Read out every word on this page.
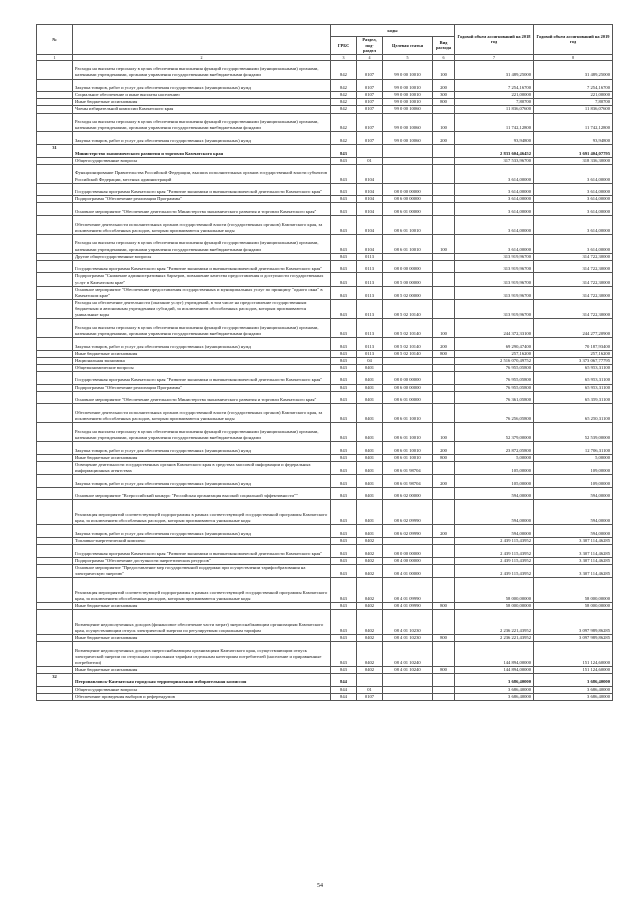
№		коды				Годовой объем ассигнований на 2018 год	Годовой объем ассигнований на 2019 год
		ГРБС	Раздел, под-раздел	Целевая статья	Вид расхода		
1	2	3	4	5	6	7	8
	Расходы на выплаты персоналу в целях обеспечения выполнения функций государственными (муниципальными) органами, казенными учреждениями, органами управления государственными внебюджетными фондами	842	0107	99 0 00 10010	100	31 489,25000	31 489,25000
	Закупка товаров, работ и услуг для обеспечения государственных (муниципальных) нужд	842	0107	99 0 00 10010	200	7 254,16700	7 254,16700
	Социальное обеспечение и иные выплаты населению	842	0107	99 0 00 10010	300	221,00000	221,00000
	Иные бюджетные ассигнования	842	0107	99 0 00 10010	800	7,80700	7,80700
	Члены избирательной комиссии Камчатского края	842	0107	99 0 00 10060		11 836,07600	11 836,07600
	Расходы на выплаты персоналу в целях обеспечения выполнения функций государственными (муниципальными) органами, казенными учреждениями, органами управления государственными внебюджетными фондами	842	0107	99 0 00 10060	100	11 742,12800	11 742,12800
	Закупка товаров, работ и услуг для обеспечения государственных (муниципальных) нужд	842	0107	99 0 00 10060	200	93,94800	93,94800
31	Министерство экономического развития и торговли Камчатского края	843				2 833 604,46452	3 691 404,07795
	Общегосударственные вопросы	843	01			317 533,96700	318 336,30000
	Функционирование Правительства Российской Федерации, высших исполнительных органов государственной власти субъектов Российской Федерации, местных администраций	843	0104			3 614,00000	3 614,00000
	Государственная программа Камчатского края "Развитие экономики и внешнеэкономической деятельности Камчатского края"	843	0104	08 0 00 00000		3 614,00000	3 614,00000
	Подпрограмма "Обеспечение реализации Программы"	843	0104	08 6 00 00000		3 614,00000	3 614,00000
	Основное мероприятие "Обеспечение деятельности Министерства экономического развития и торговли Камчатского края"	843	0104	08 6 01 00000		3 614,00000	3 614,00000
	Обеспечение деятельности исполнительных органов государственной власти (государственных органов) Камчатского края, за исключением обособленных расходов, которым присваиваются уникальные коды	843	0104	08 6 01 10010		3 614,00000	3 614,00000
	Расходы на выплаты персоналу в целях обеспечения выполнения функций государственными (муниципальными) органами, казенными учреждениями, органами управления государственными внебюджетными фондами	843	0104	08 6 01 10010	100	3 614,00000	3 614,00000
	Другие общегосударственные вопросы	843	0113			313 919,96700	314 722,30000
	Государственная программа Камчатского края "Развитие экономики и внешнеэкономической деятельности Камчатского края"	843	0113	08 0 00 00000		313 919,96700	314 722,30000
	Подпрограмма "Снижение административных барьеров, повышение качества предоставления и доступности государственных услуг в Камчатском крае"	843	0113	08 5 00 00000		313 919,96700	314 722,30000
	Основное мероприятие "Обеспечение предоставления государственных и муниципальных услуг по принципу "одного окна" в Камчатском крае"	843	0113	08 5 02 00000		313 919,96700	314 722,30000
	Расходы на обеспечение деятельности (оказание услуг) учреждений, в том числе на предоставление государственным бюджетным и автономным учреждениям субсидий, за исключением обособленных расходов, которым присваиваются уникальные коды	843	0113	08 5 02 10140		313 919,96700	314 722,30000
	Расходы на выплаты персоналу в целях обеспечения выполнения функций государственными (муниципальными) органами, казенными учреждениями, органами управления государственными внебюджетными фондами	843	0113	08 5 02 10140	100	244 372,33100	244 277,20900
	Закупка товаров, работ и услуг для обеспечения государственных (муниципальных) нужд	843	0113	08 5 02 10140	200	69 290,47400	70 187,93400
	Иные бюджетные ассигнования	843	0113	08 5 02 10140	800	257,16200	257,16200
	Национальная экономика	843	04			2 516 070,49752	3 373 067,77795
	Общеэкономические вопросы	843	0401			76 955,05800	65 953,31100
	Государственная программа Камчатского края "Развитие экономики и внешнеэкономической деятельности Камчатского края"	843	0401	08 0 00 00000		76 955,05800	65 953,31100
	Подпрограмма "Обеспечение реализации Программы"	843	0401	08 6 00 00000		76 955,05800	65 953,31100
	Основное мероприятие "Обеспечение деятельности Министерства экономического развития и торговли Камчатского края"	843	0401	08 6 01 00000		76 361,05800	65 359,31100
	Обеспечение деятельности исполнительных органов государственной власти (государственных органов) Камчатского края, за исключением обособленных расходов, которым присваиваются уникальные коды	843	0401	08 6 01 10010		76 256,05800	65 250,31100
	Расходы на выплаты персоналу в целях обеспечения выполнения функций государственными (муниципальными) органами, казенными учреждениями, органами управления государственными внебюджетными фондами	843	0401	08 6 01 10010	100	52 379,00000	52 539,00000
	Закупка товаров, работ и услуг для обеспечения государственных (муниципальных) нужд	843	0401	08 6 01 10010	200	23 872,05800	12 706,31100
	Иные бюджетные ассигнования	843	0401	08 6 01 10010	800	5,00000	5,00000
	Освещение деятельности государственных органов Камчатского края в средствах массовой информации и федеральных информационных агентствах	843	0401	08 6 01 98704		105,00000	109,00000
	Закупка товаров, работ и услуг для обеспечения государственных (муниципальных) нужд	843	0401	08 6 01 98704	200	105,00000	109,00000
	Основное мероприятие "Всероссийский конкурс "Российская организация высокой социальной эффективности""	843	0401	08 6 02 00000		594,00000	594,00000
	Реализация мероприятий соответствующей подпрограммы в рамках соответствующей государственной программы Камчатского края, за исключением обособленных расходов, которым присваиваются уникальные коды	843	0401	08 6 02 09990		594,00000	594,00000
	Закупка товаров, работ и услуг для обеспечения государственных (муниципальных) нужд	843	0401	08 6 02 09990	200	594,00000	594,00000
	Топливно-энергетический комплекс	843	0402			2 439 115,43952	3 307 114,46285
	Государственная программа Камчатского края "Развитие экономики и внешнеэкономической деятельности Камчатского края"	843	0402	08 0 00 00000		2 439 115,43952	3 307 114,46285
	Подпрограмма "Обеспечение доступности энергетических ресурсов"	843	0402	08 4 00 00000		2 439 115,43952	3 307 114,46285
	Основное мероприятие "Предоставление мер государственной поддержки при осуществлении тарифообразования на электрическую энергию"	843	0402	08 4 01 00000		2 439 115,43952	3 307 114,46285
	Реализация мероприятий соответствующей подпрограммы в рамках соответствующей государственной программы Камчатского края, за исключением обособленных расходов, которым присваиваются уникальные коды	843	0402	08 4 01 09990		58 000,00000	58 000,00000
	Иные бюджетные ассигнования	843	0402	08 4 01 09990	800	58 000,00000	58 000,00000
	Возмещение недополученных доходов (финансовое обеспечение части затрат) энергоснабжающим организациям Камчатского края, осуществляющим отпуск электрической энергии по регулируемым социальным тарифам	843	0402	08 4 01 10230		2 236 221,43952	3 097 989,86285
	Иные бюджетные ассигнования	843	0402	08 4 01 10230	800	2 236 221,43952	3 097 989,86285
	Возмещение недополученных доходов энергоснабжающим организациям Камчатского края, осуществляющим отпуск электрической энергии по отпускным социальным тарифам отдельным категориям потребителей (население и приравненные потребители)	843	0402	08 4 01 10240		144 894,00000	151 124,60000
	Иные бюджетные ассигнования	843	0402	08 4 01 10240	800	144 894,00000	151 124,60000
32	Петропавловск-Камчатская городская территориальная избирательная комиссия	844				3 686,40000	3 686,40000
	Общегосударственные вопросы	844	01			3 686,40000	3 686,40000
	Обеспечение проведения выборов и референдумов	844	0107			3 686,40000	3 686,40000
54
